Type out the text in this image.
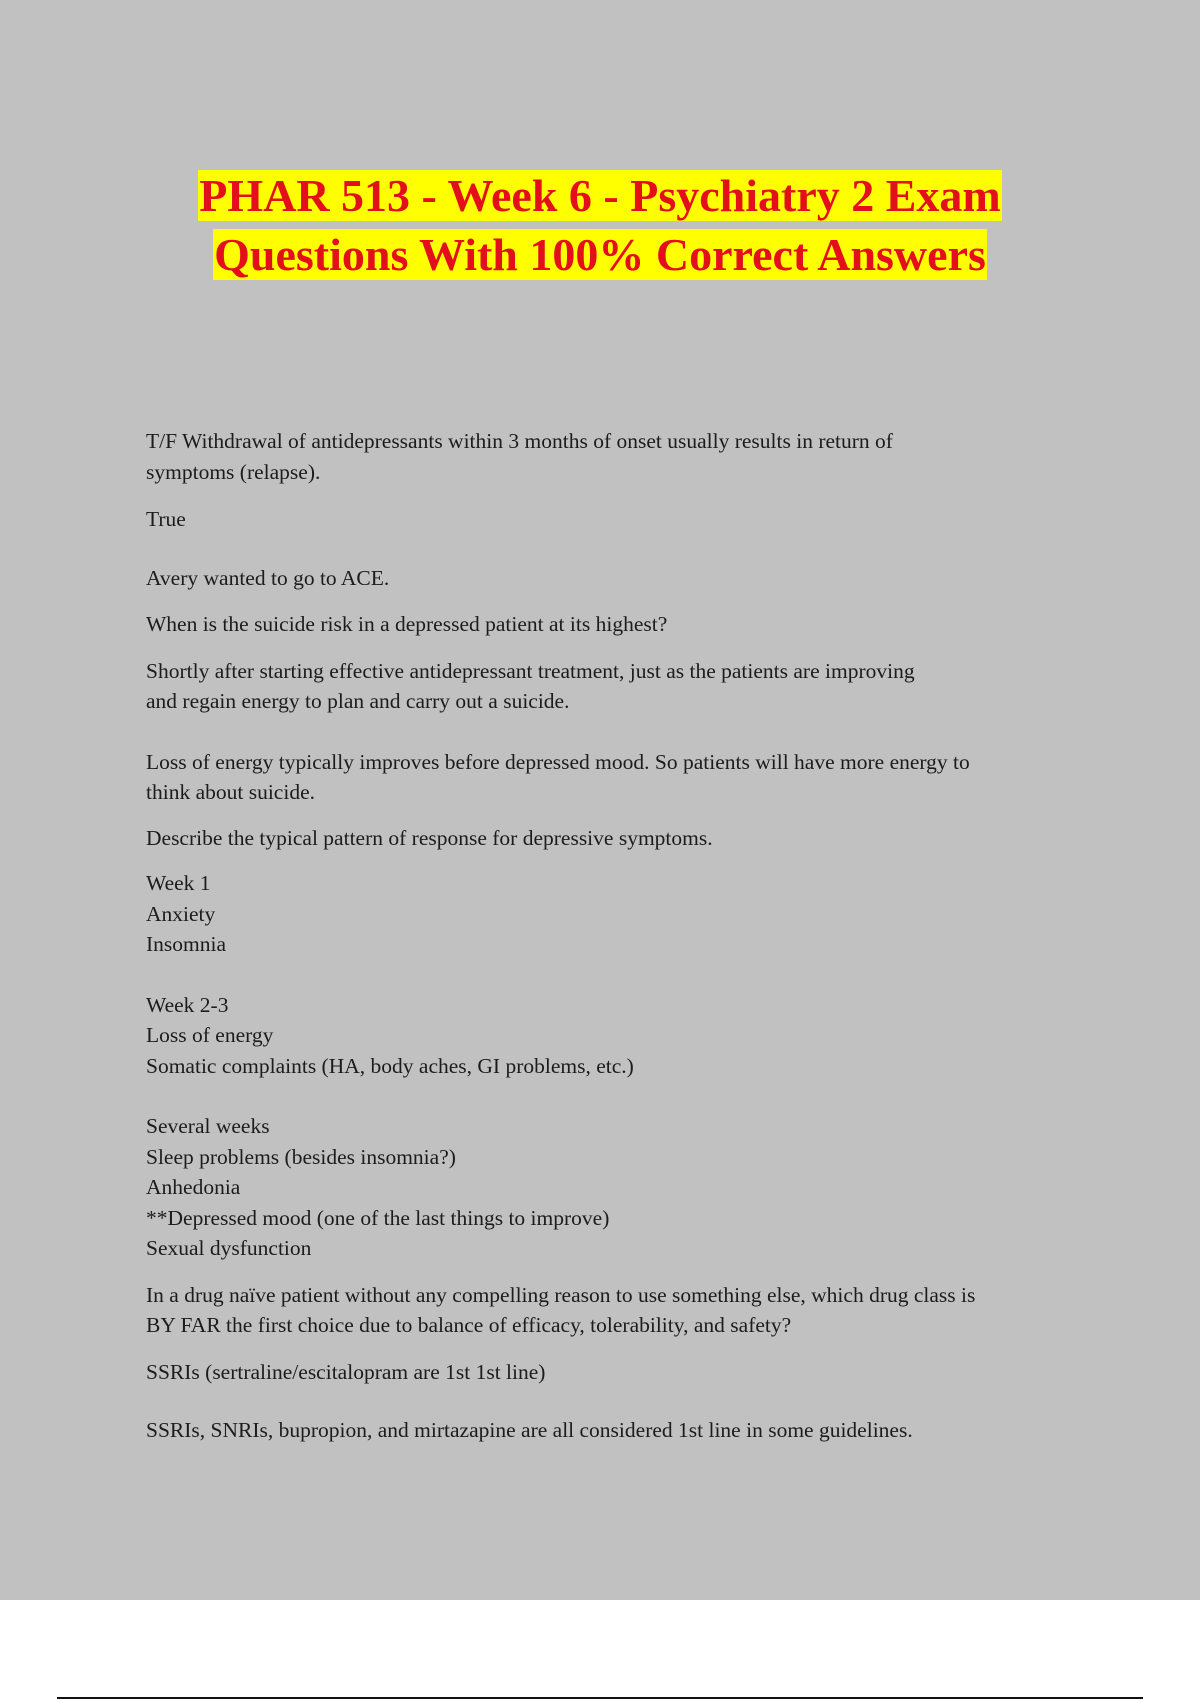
PHAR 513 - Week 6 - Psychiatry 2 Exam
Questions With 100% Correct Answers

T/F Withdrawal of antidepressants within 3 months of onset usually results in return of

symptoms (relapse).

True

Avery wanted to go to ACE.

When is the suicide risk in a depressed patient at its highest?

Shortly after starting effective antidepressant treatment, just as the patients are improving

and regain energy to plan and carry out a suicide.

Loss of energy typically improves before depressed mood. So patients will have more energy to

think about suicide.

Describe the typical pattern of response for depressive symptoms.

Week 1

Anxiety

Insomnia

Week 2-3

Loss of energy

Somatic complaints (HA, body aches, GI problems, etc.)

Several weeks

Sleep problems (besides insomnia?)

Anhedonia

**Depressed mood (one of the last things to improve)

Sexual dysfunction

In a drug naïve patient without any compelling reason to use something else, which drug class is

BY FAR the first choice due to balance of efficacy, tolerability, and safety?

SSRIs (sertraline/escitalopram are 1st 1st line)

SSRIs, SNRIs, bupropion, and mirtazapine are all considered 1st line in some guidelines.
